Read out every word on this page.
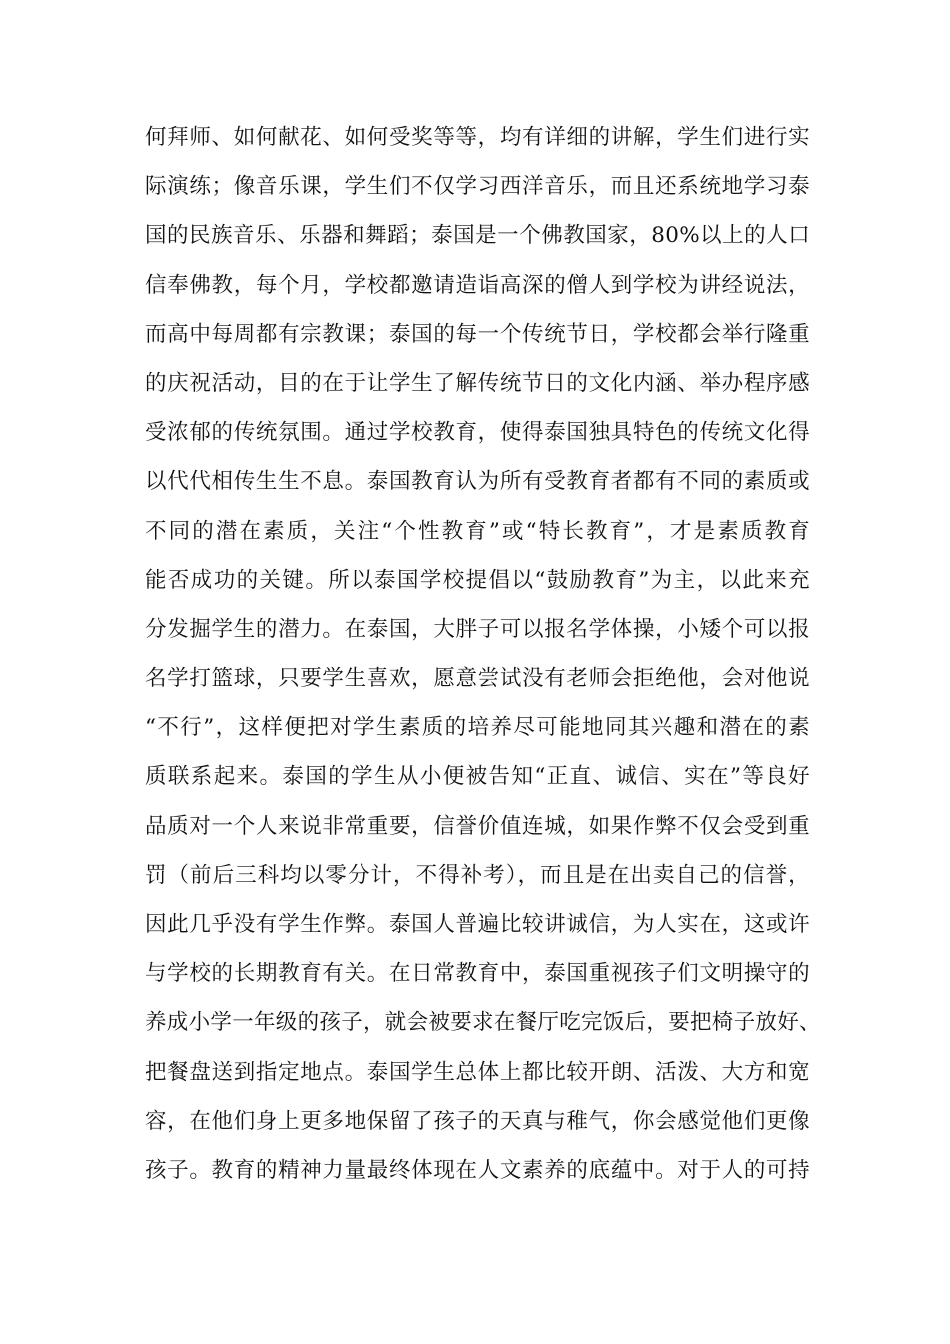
何拜师、如何献花、如何受奖等等，均有详细的讲解，学生们进行实
际演练；像音乐课，学生们不仅学习西洋音乐，而且还系统地学习泰
国的民族音乐、乐器和舞蹈；泰国是一个佛教国家，80%以上的人口
信奉佛教，每个月，学校都邀请造诣高深的僧人到学校为讲经说法，
而高中每周都有宗教课；泰国的每一个传统节日，学校都会举行隆重
的庆祝活动，目的在于让学生了解传统节日的文化内涵、举办程序感
受浓郁的传统氛围。通过学校教育，使得泰国独具特色的传统文化得
以代代相传生生不息。泰国教育认为所有受教育者都有不同的素质或
不同的潜在素质，关注“个性教育”或“特长教育”，才是素质教育
能否成功的关键。所以泰国学校提倡以“鼓励教育”为主，以此来充
分发掘学生的潜力。在泰国，大胖子可以报名学体操，小矮个可以报
名学打篮球，只要学生喜欢，愿意尝试没有老师会拒绝他，会对他说
“不行”，这样便把对学生素质的培养尽可能地同其兴趣和潜在的素
质联系起来。泰国的学生从小便被告知“正直、诚信、实在”等良好
品质对一个人来说非常重要，信誉价值连城，如果作弊不仅会受到重
罚（前后三科均以零分计，不得补考），而且是在出卖自己的信誉，
因此几乎没有学生作弊。泰国人普遍比较讲诚信，为人实在，这或许
与学校的长期教育有关。在日常教育中，泰国重视孩子们文明操守的
养成小学一年级的孩子，就会被要求在餐厅吃完饭后，要把椅子放好、
把餐盘送到指定地点。泰国学生总体上都比较开朗、活泼、大方和宽
容，在他们身上更多地保留了孩子的天真与稚气，你会感觉他们更像
孩子。教育的精神力量最终体现在人文素养的底蕴中。对于人的可持
